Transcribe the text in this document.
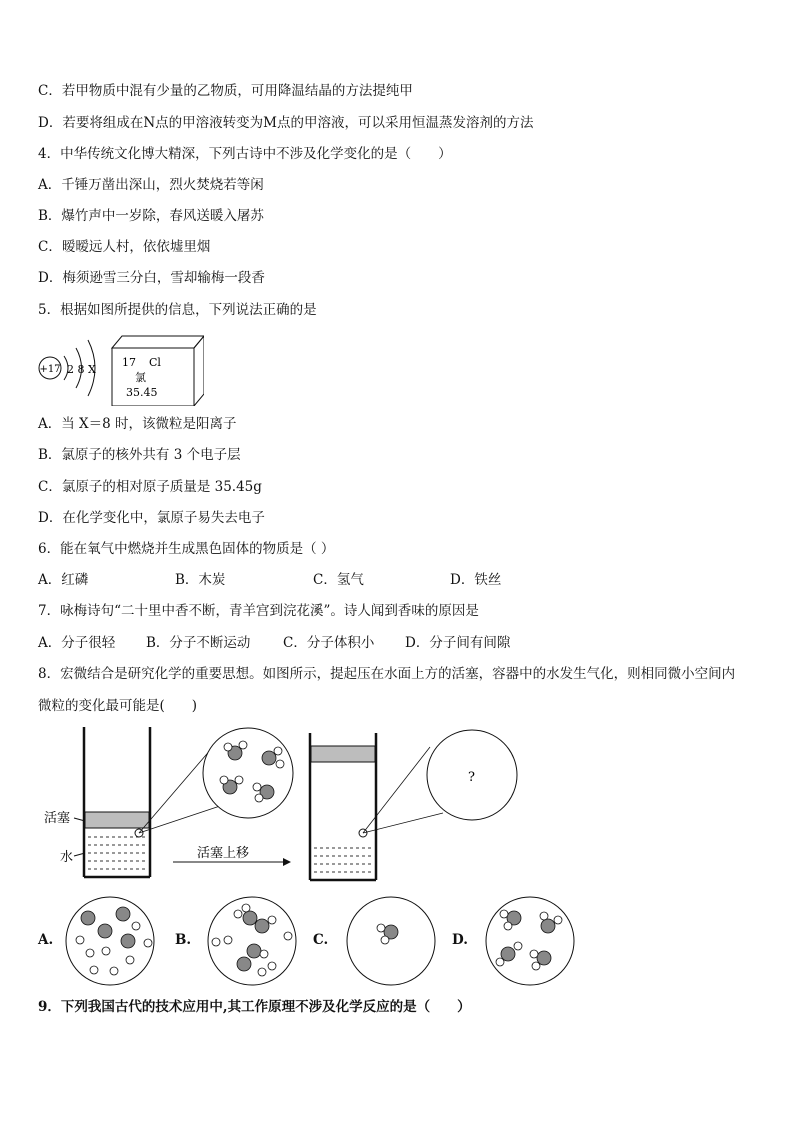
C．若甲物质中混有少量的乙物质，可用降温结晶的方法提纯甲
D．若要将组成在N点的甲溶液转变为M点的甲溶液，可以采用恒温蒸发溶剂的方法
4．中华传统文化博大精深，下列古诗中不涉及化学变化的是（　　）
A．千锤万凿出深山，烈火焚烧若等闲
B．爆竹声中一岁除，春风送暖入屠苏
C．暧暧远人村，依依墟里烟
D．梅须逊雪三分白，雪却输梅一段香
5．根据如图所提供的信息，下列说法正确的是
+17 2 8 X
17 Cl
氯
35.45
A．当 X＝8 时，该微粒是阳离子
B．氯原子的核外共有 3 个电子层
C．氯原子的相对原子质量是 35.45g
D．在化学变化中，氯原子易失去电子
6．能在氧气中燃烧并生成黑色固体的物质是（ ）
A．红磷	B．木炭	C．氢气	D．铁丝
7．咏梅诗句“二十里中香不断，青羊宫到浣花溪”。诗人闻到香味的原因是
A．分子很轻 B．分子不断运动 C．分子体积小 D．分子间有间隙
8．宏微结合是研究化学的重要思想。如图所示，提起压在水面上方的活塞，容器中的水发生气化，则相同微小空间内
微粒的变化最可能是(　　)
活塞
水	活塞上移
?
A.	B.	C.	D.
9．下列我国古代的技术应用中,其工作原理不涉及化学反应的是（　　）
